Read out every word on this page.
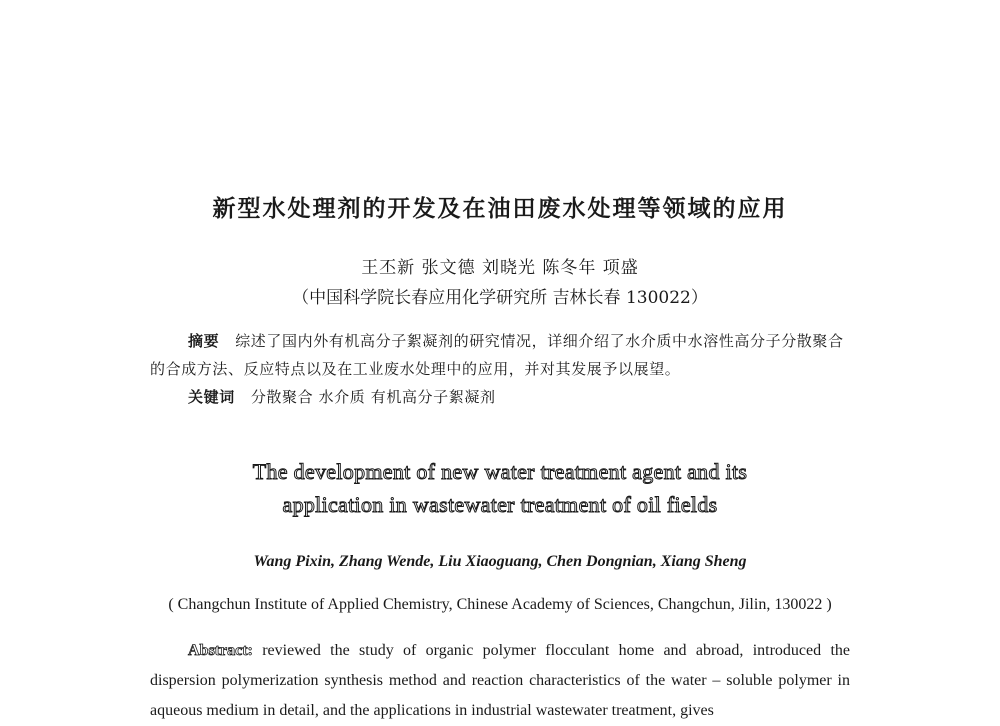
新型水处理剂的开发及在油田废水处理等领域的应用
王丕新 张文德 刘晓光 陈冬年 项盛
（中国科学院长春应用化学研究所 吉林长春 130022）
摘要 综述了国内外有机高分子絮凝剂的研究情况，详细介绍了水介质中水溶性高分子分散聚合的合成方法、反应特点以及在工业废水处理中的应用，并对其发展予以展望。
关键词 分散聚合 水介质 有机高分子絮凝剂
The development of new water treatment agent and its
application in wastewater treatment of oil fields
Wang Pixin, Zhang Wende, Liu Xiaoguang, Chen Dongnian, Xiang Sheng
( Changchun Institute of Applied Chemistry, Chinese Academy of Sciences, Changchun, Jilin, 130022 )
Abstract: reviewed the study of organic polymer flocculant home and abroad, introduced the dispersion polymerization synthesis method and reaction characteristics of the water – soluble polymer in aqueous medium in detail, and the applications in industrial wastewater treatment, gives
